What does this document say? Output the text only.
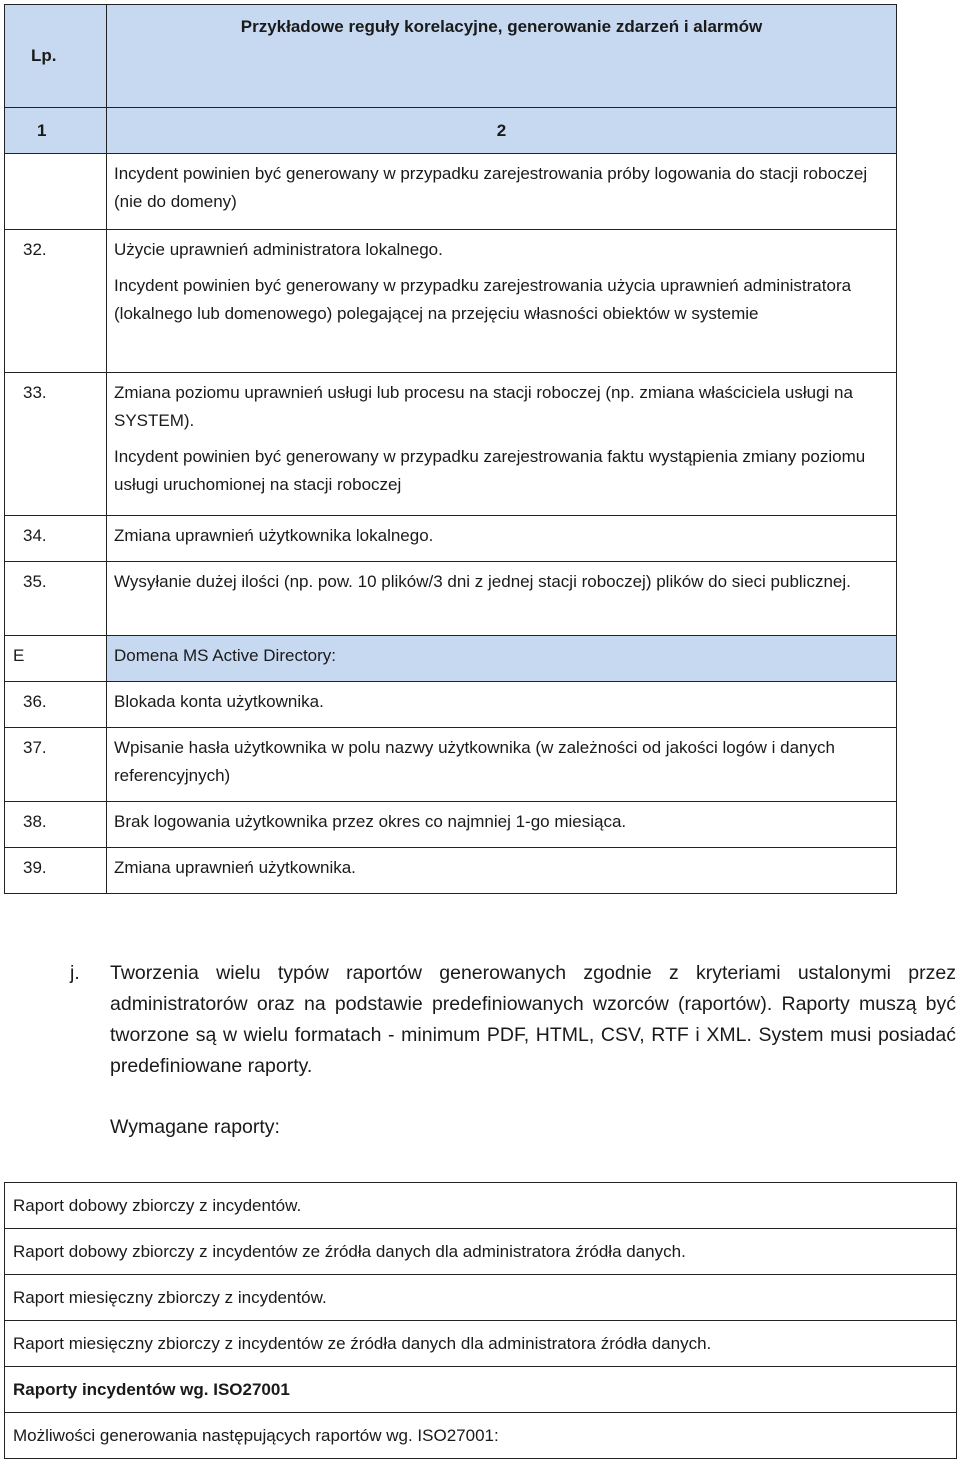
Lp.	Przykładowe reguły korelacyjne, generowanie zdarzeń i alarmów
1	2
	Incydent powinien być generowany w przypadku zarejestrowania próby logowania do stacji roboczej (nie do domeny)
32.	Użycie uprawnień administratora lokalnego.

Incydent powinien być generowany w przypadku zarejestrowania użycia uprawnień administratora (lokalnego lub domenowego) polegającej na przejęciu własności obiektów w systemie

33.	Zmiana poziomu uprawnień usługi lub procesu na stacji roboczej (np. zmiana właściciela usługi na SYSTEM).

Incydent powinien być generowany w przypadku zarejestrowania faktu wystąpienia zmiany poziomu usługi uruchomionej na stacji roboczej

34.	Zmiana uprawnień użytkownika lokalnego.
35.	Wysyłanie dużej ilości (np. pow. 10 plików/3 dni z jednej stacji roboczej) plików do sieci publicznej.
E	Domena MS Active Directory:
36.	Blokada konta użytkownika.
37.	Wpisanie hasła użytkownika w polu nazwy użytkownika (w zależności od jakości logów i danych referencyjnych)
38.	Brak logowania użytkownika przez okres co najmniej 1-go miesiąca.
39.	Zmiana uprawnień użytkownika.
j. Tworzenia wielu typów raportów generowanych zgodnie z kryteriami ustalonymi przez administratorów oraz na podstawie predefiniowanych wzorców (raportów). Raporty muszą być tworzone są w wielu formatach - minimum PDF, HTML, CSV, RTF i XML. System musi posiadać predefiniowane raporty.
Wymagane raporty:
Raport dobowy zbiorczy z incydentów.
Raport dobowy zbiorczy z incydentów ze źródła danych dla administratora źródła danych.
Raport miesięczny zbiorczy z incydentów.
Raport miesięczny zbiorczy z incydentów ze źródła danych dla administratora źródła danych.
Raporty incydentów wg. ISO27001
Możliwości generowania następujących raportów wg. ISO27001:
